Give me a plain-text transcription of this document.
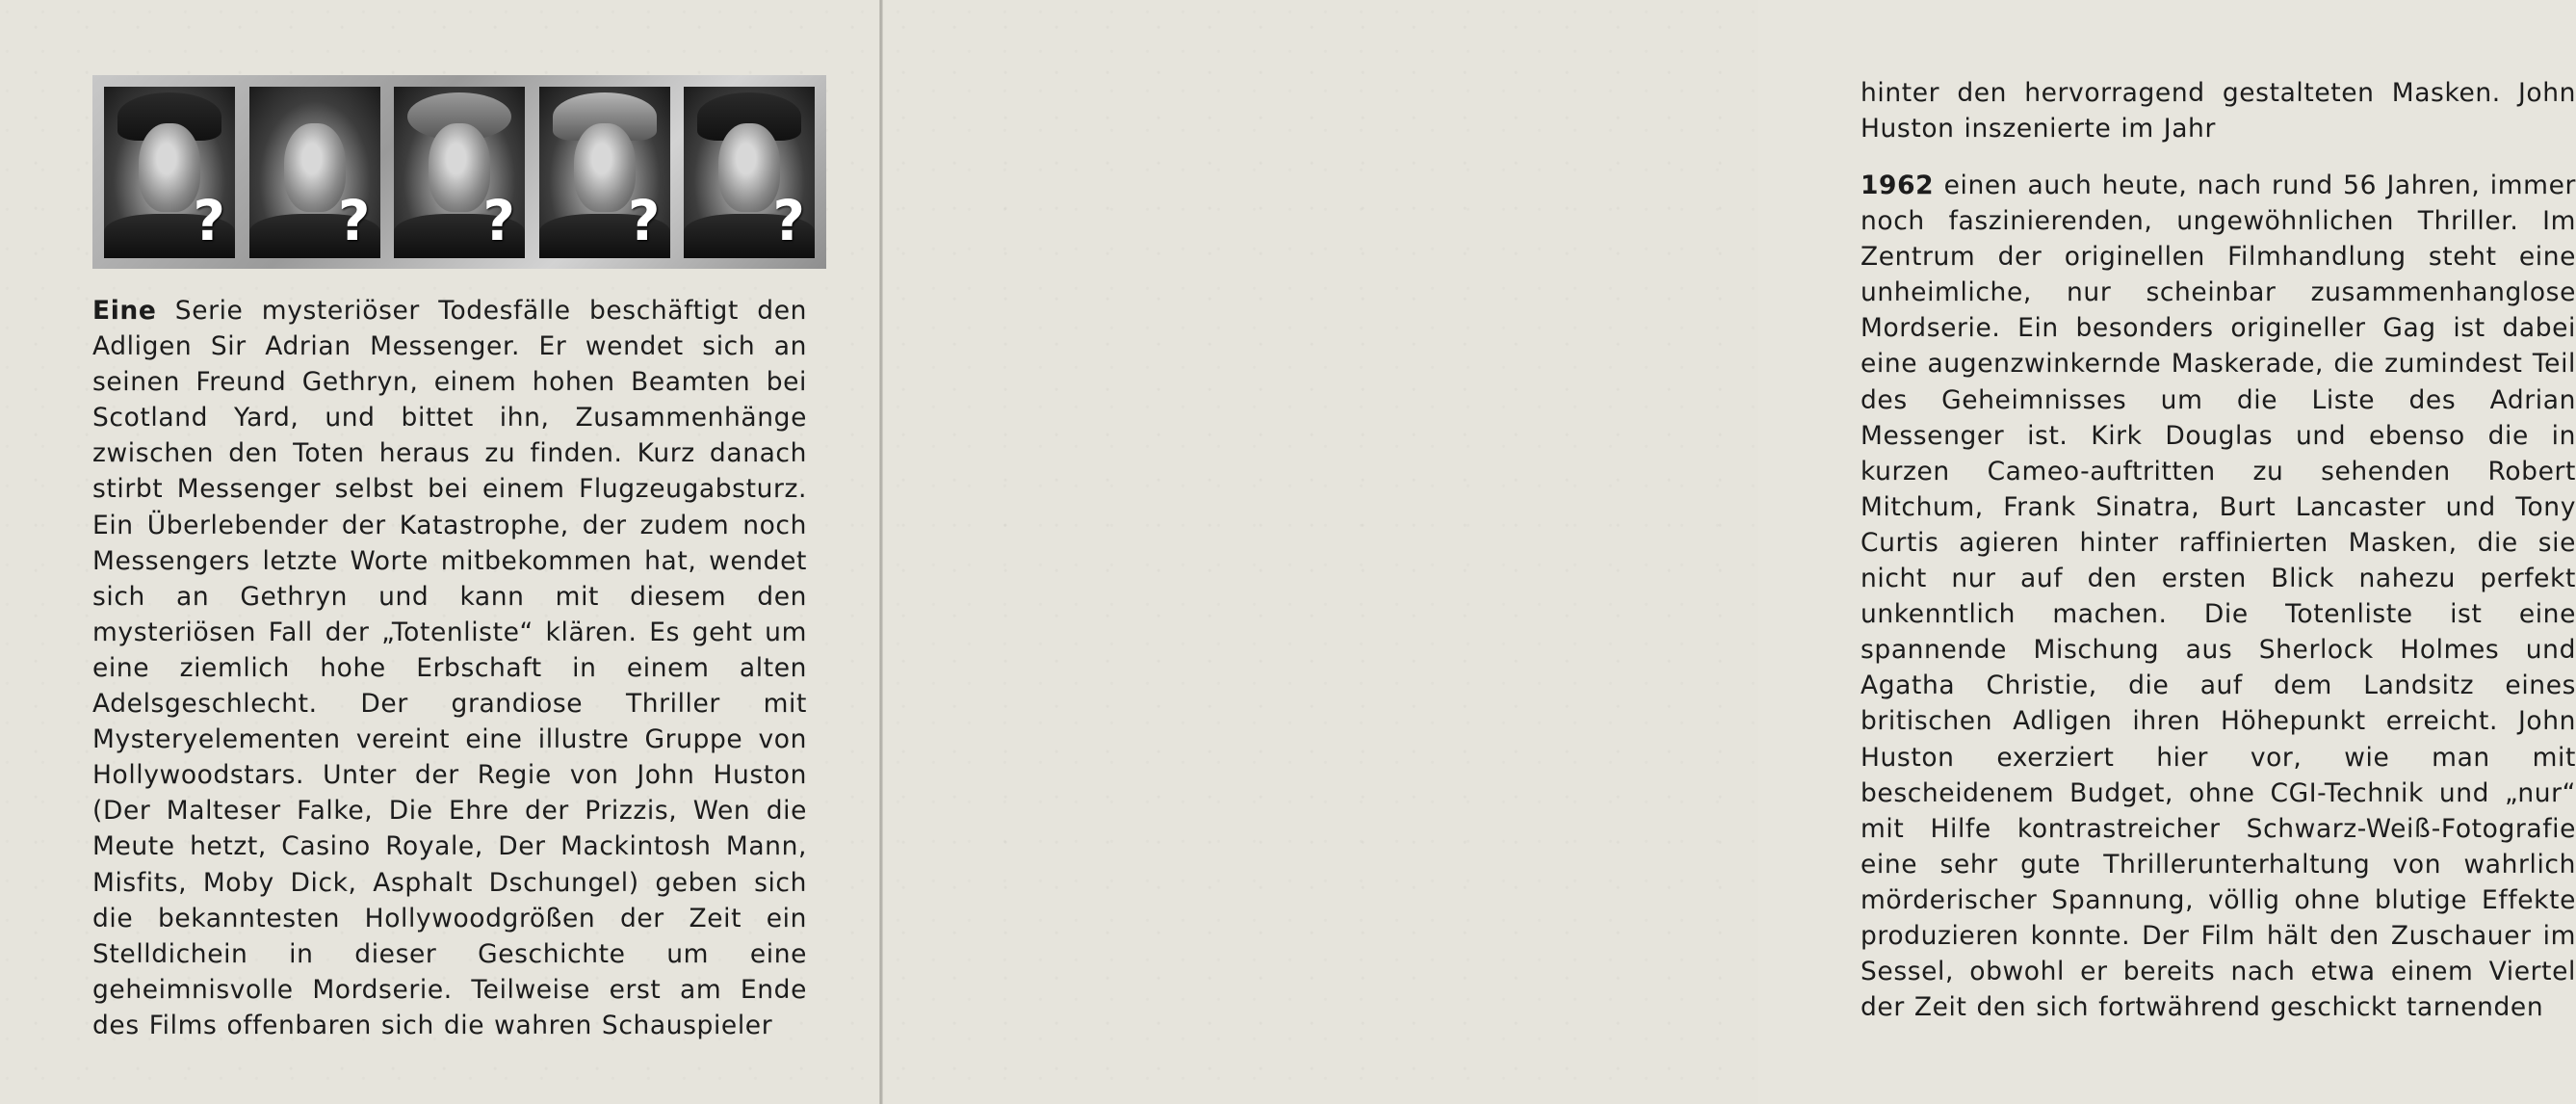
? ? ? ? ?

Eine Serie mysteriöser Todesfälle beschäftigt den Adligen Sir Adrian Messenger. Er wendet sich an seinen Freund Gethryn, einem hohen Beamten bei Scotland Yard, und bittet ihn, Zusammenhänge zwischen den Toten heraus zu finden. Kurz danach stirbt Messenger selbst bei einem Flugzeugabsturz. Ein Überlebender der Katastrophe, der zudem noch Messengers letzte Worte mitbekommen hat, wendet sich an Gethryn und kann mit diesem den mysteriösen Fall der „Totenliste“ klären. Es geht um eine ziemlich hohe Erbschaft in einem alten Adelsgeschlecht. Der grandiose Thriller mit Mysteryelementen vereint eine illustre Gruppe von Hollywoodstars. Unter der Regie von John Huston (Der Malteser Falke, Die Ehre der Prizzis, Wen die Meute hetzt, Casino Royale, Der Mackintosh Mann, Misfits, Moby Dick, Asphalt Dschungel) geben sich die bekanntesten Hollywoodgrößen der Zeit ein Stelldichein in dieser Geschichte um eine geheimnisvolle Mordserie. Teilweise erst am Ende des Films offenbaren sich die wahren Schauspieler

hinter den hervorragend gestalteten Masken. John Huston inszenierte im Jahr

1962 einen auch heute, nach rund 56 Jahren, immer noch faszinierenden, ungewöhnlichen Thriller. Im Zentrum der originellen Filmhandlung steht eine unheimliche, nur scheinbar zusammenhanglose Mordserie. Ein besonders origineller Gag ist dabei eine augenzwinkernde Maskerade, die zumindest Teil des Geheimnisses um die Liste des Adrian Messenger ist. Kirk Douglas und ebenso die in kurzen Cameo-auftritten zu sehenden Robert Mitchum, Frank Sinatra, Burt Lancaster und Tony Curtis agieren hinter raffinierten Masken, die sie nicht nur auf den ersten Blick nahezu perfekt unkenntlich machen. Die Totenliste ist eine spannende Mischung aus Sherlock Holmes und Agatha Christie, die auf dem Landsitz eines britischen Adligen ihren Höhepunkt erreicht. John Huston exerziert hier vor, wie man mit bescheidenem Budget, ohne CGI-Technik und „nur“ mit Hilfe kontrastreicher Schwarz-Weiß-Fotografie eine sehr gute Thrillerunterhaltung von wahrlich mörderischer Spannung, völlig ohne blutige Effekte produzieren konnte. Der Film hält den Zuschauer im Sessel, obwohl er bereits nach etwa einem Viertel der Zeit den sich fortwährend geschickt tarnenden
